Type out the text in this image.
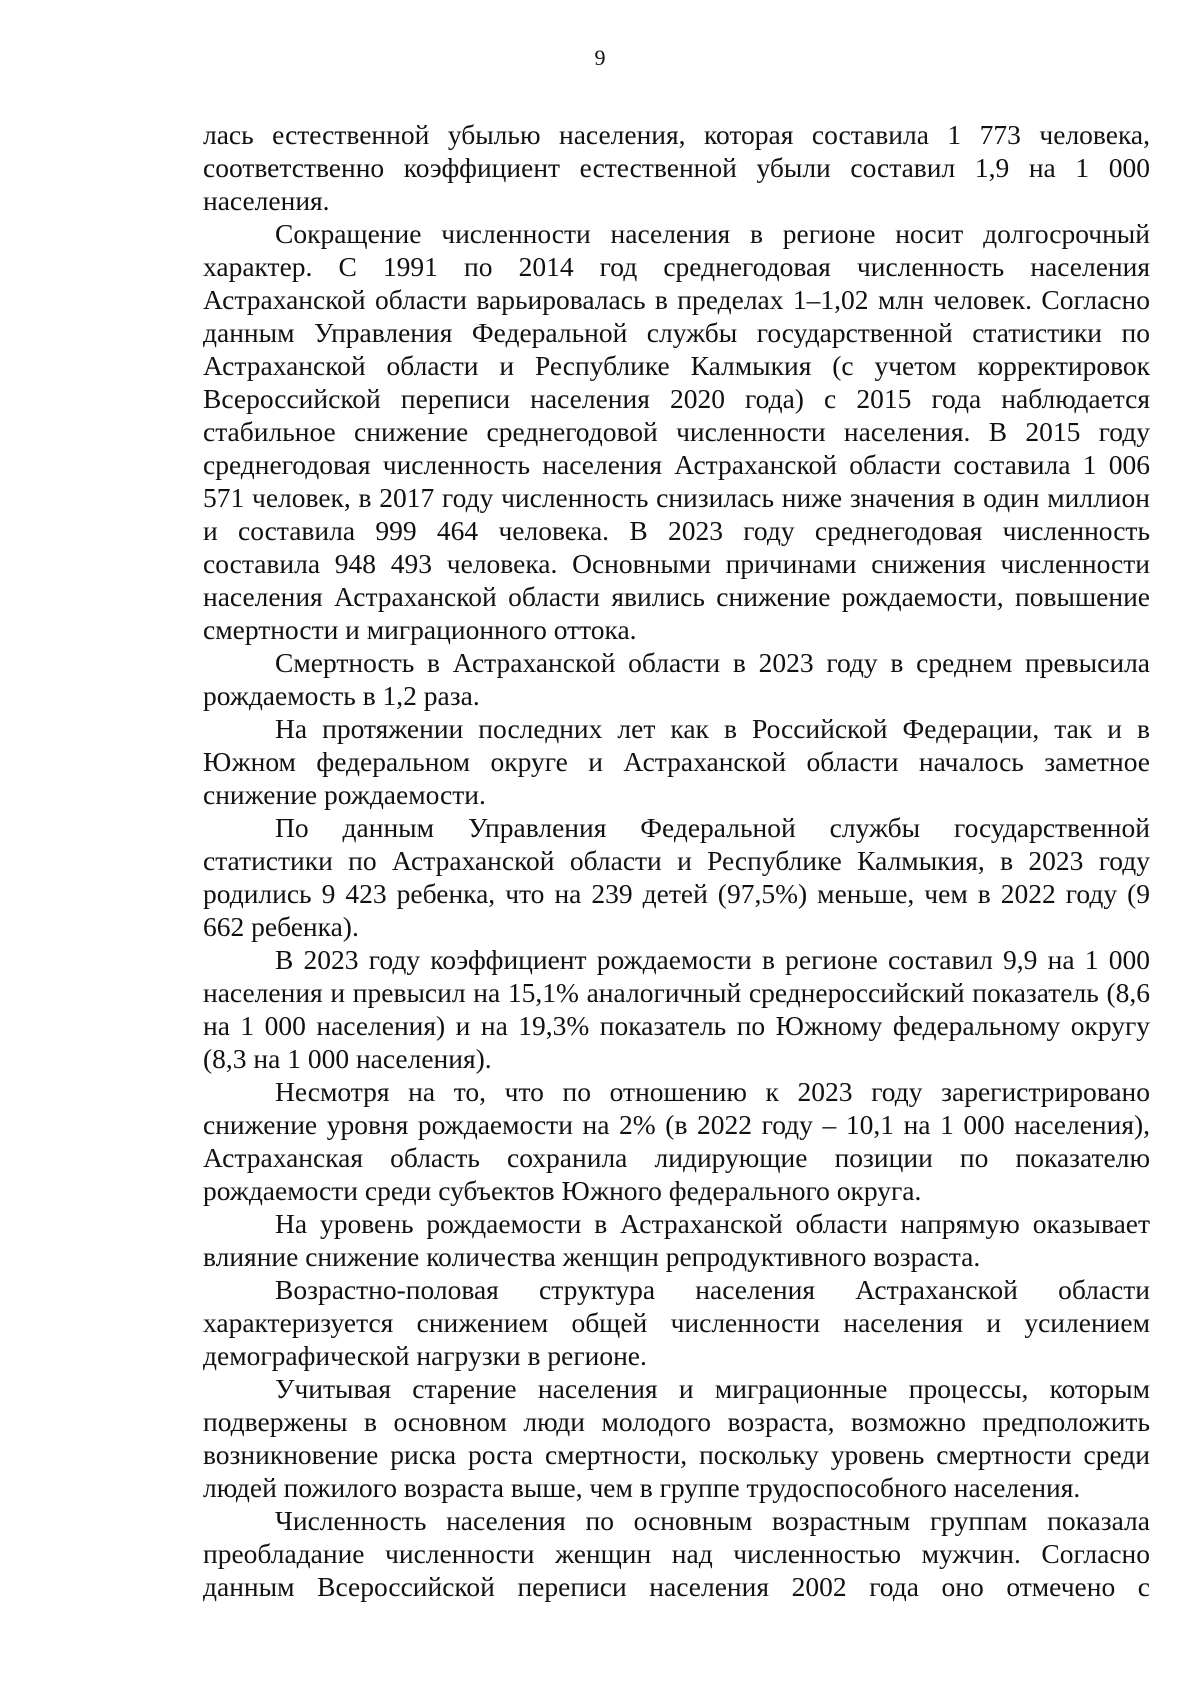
9

лась естественной убылью населения, которая составила 1 773 человека, соответственно коэффициент естественной убыли составил 1,9 на 1 000 населения.

Сокращение численности населения в регионе носит долгосрочный характер. С 1991 по 2014 год среднегодовая численность населения Астраханской области варьировалась в пределах 1–1,02 млн человек. Согласно данным Управления Федеральной службы государственной статистики по Астраханской области и Республике Калмыкия (с учетом корректировок Всероссийской переписи населения 2020 года) с 2015 года наблюдается стабильное снижение среднегодовой численности населения. В 2015 году среднегодовая численность населения Астраханской области составила 1 006 571 человек, в 2017 году численность снизилась ниже значения в один миллион и составила 999 464 человека. В 2023 году среднегодовая численность составила 948 493 человека. Основными причинами снижения численности населения Астраханской области явились снижение рождаемости, повышение смертности и миграционного оттока.

Смертность в Астраханской области в 2023 году в среднем превысила рождаемость в 1,2 раза.

На протяжении последних лет как в Российской Федерации, так и в Южном федеральном округе и Астраханской области началось заметное снижение рождаемости.

По данным Управления Федеральной службы государственной статистики по Астраханской области и Республике Калмыкия, в 2023 году родились 9 423 ребенка, что на 239 детей (97,5%) меньше, чем в 2022 году (9 662 ребенка).

В 2023 году коэффициент рождаемости в регионе составил 9,9 на 1 000 населения и превысил на 15,1% аналогичный среднероссийский показатель (8,6 на 1 000 населения) и на 19,3% показатель по Южному федеральному округу (8,3 на 1 000 населения).

Несмотря на то, что по отношению к 2023 году зарегистрировано снижение уровня рождаемости на 2% (в 2022 году – 10,1 на 1 000 населения), Астраханская область сохранила лидирующие позиции по показателю рождаемости среди субъектов Южного федерального округа.

На уровень рождаемости в Астраханской области напрямую оказывает влияние снижение количества женщин репродуктивного возраста.

Возрастно-половая структура населения Астраханской области характеризуется снижением общей численности населения и усилением демографической нагрузки в регионе.

Учитывая старение населения и миграционные процессы, которым подвержены в основном люди молодого возраста, возможно предположить возникновение риска роста смертности, поскольку уровень смертности среди людей пожилого возраста выше, чем в группе трудоспособного населения.

Численность населения по основным возрастным группам показала преобладание численности женщин над численностью мужчин. Согласно данным Всероссийской переписи населения 2002 года оно отмечено с
